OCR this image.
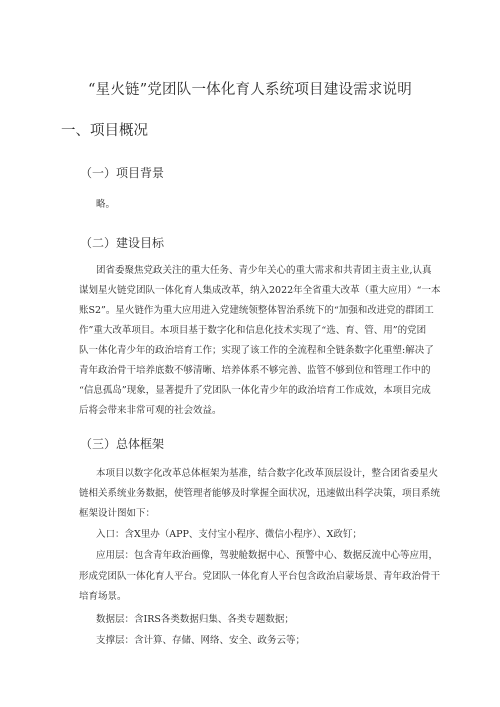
“星火链”党团队一体化育人系统项目建设需求说明
一、项目概况
（一）项目背景
略。
（二）建设目标
团省委聚焦党政关注的重大任务、青少年关心的重大需求和共青团主责主业,认真
谋划星火链党团队一体化育人集成改革，纳入2022年全省重大改革（重大应用）“一本
账S2”。星火链作为重大应用进入党建统领整体智治系统下的“加强和改进党的群团工
作”重大改革项目。本项目基于数字化和信息化技术实现了“选、育、管、用”的党团
队一体化青少年的政治培育工作；实现了该工作的全流程和全链条数字化重塑:解决了
青年政治骨干培养底数不够清晰、培养体系不够完善、监管不够到位和管理工作中的
“信息孤岛”现象，显著提升了党团队一体化青少年的政治培育工作成效，本项目完成
后将会带来非常可观的社会效益。
（三）总体框架
本项目以数字化改革总体框架为基准，结合数字化改革顶层设计，整合团省委星火
链相关系统业务数据，使管理者能够及时掌握全面状况，迅速做出科学决策，项目系统
框架设计图如下：
入口：含X里办（APP、支付宝小程序、微信小程序）、X政钉；
应用层：包含青年政治画像，驾驶舱数据中心、预警中心、数据反流中心等应用，
形成党团队一体化育人平台。党团队一体化育人平台包含政治启蒙场景、青年政治骨干
培育场景。
数据层：含IRS各类数据归集、各类专题数据；
支撑层：含计算、存储、网络、安全、政务云等；
